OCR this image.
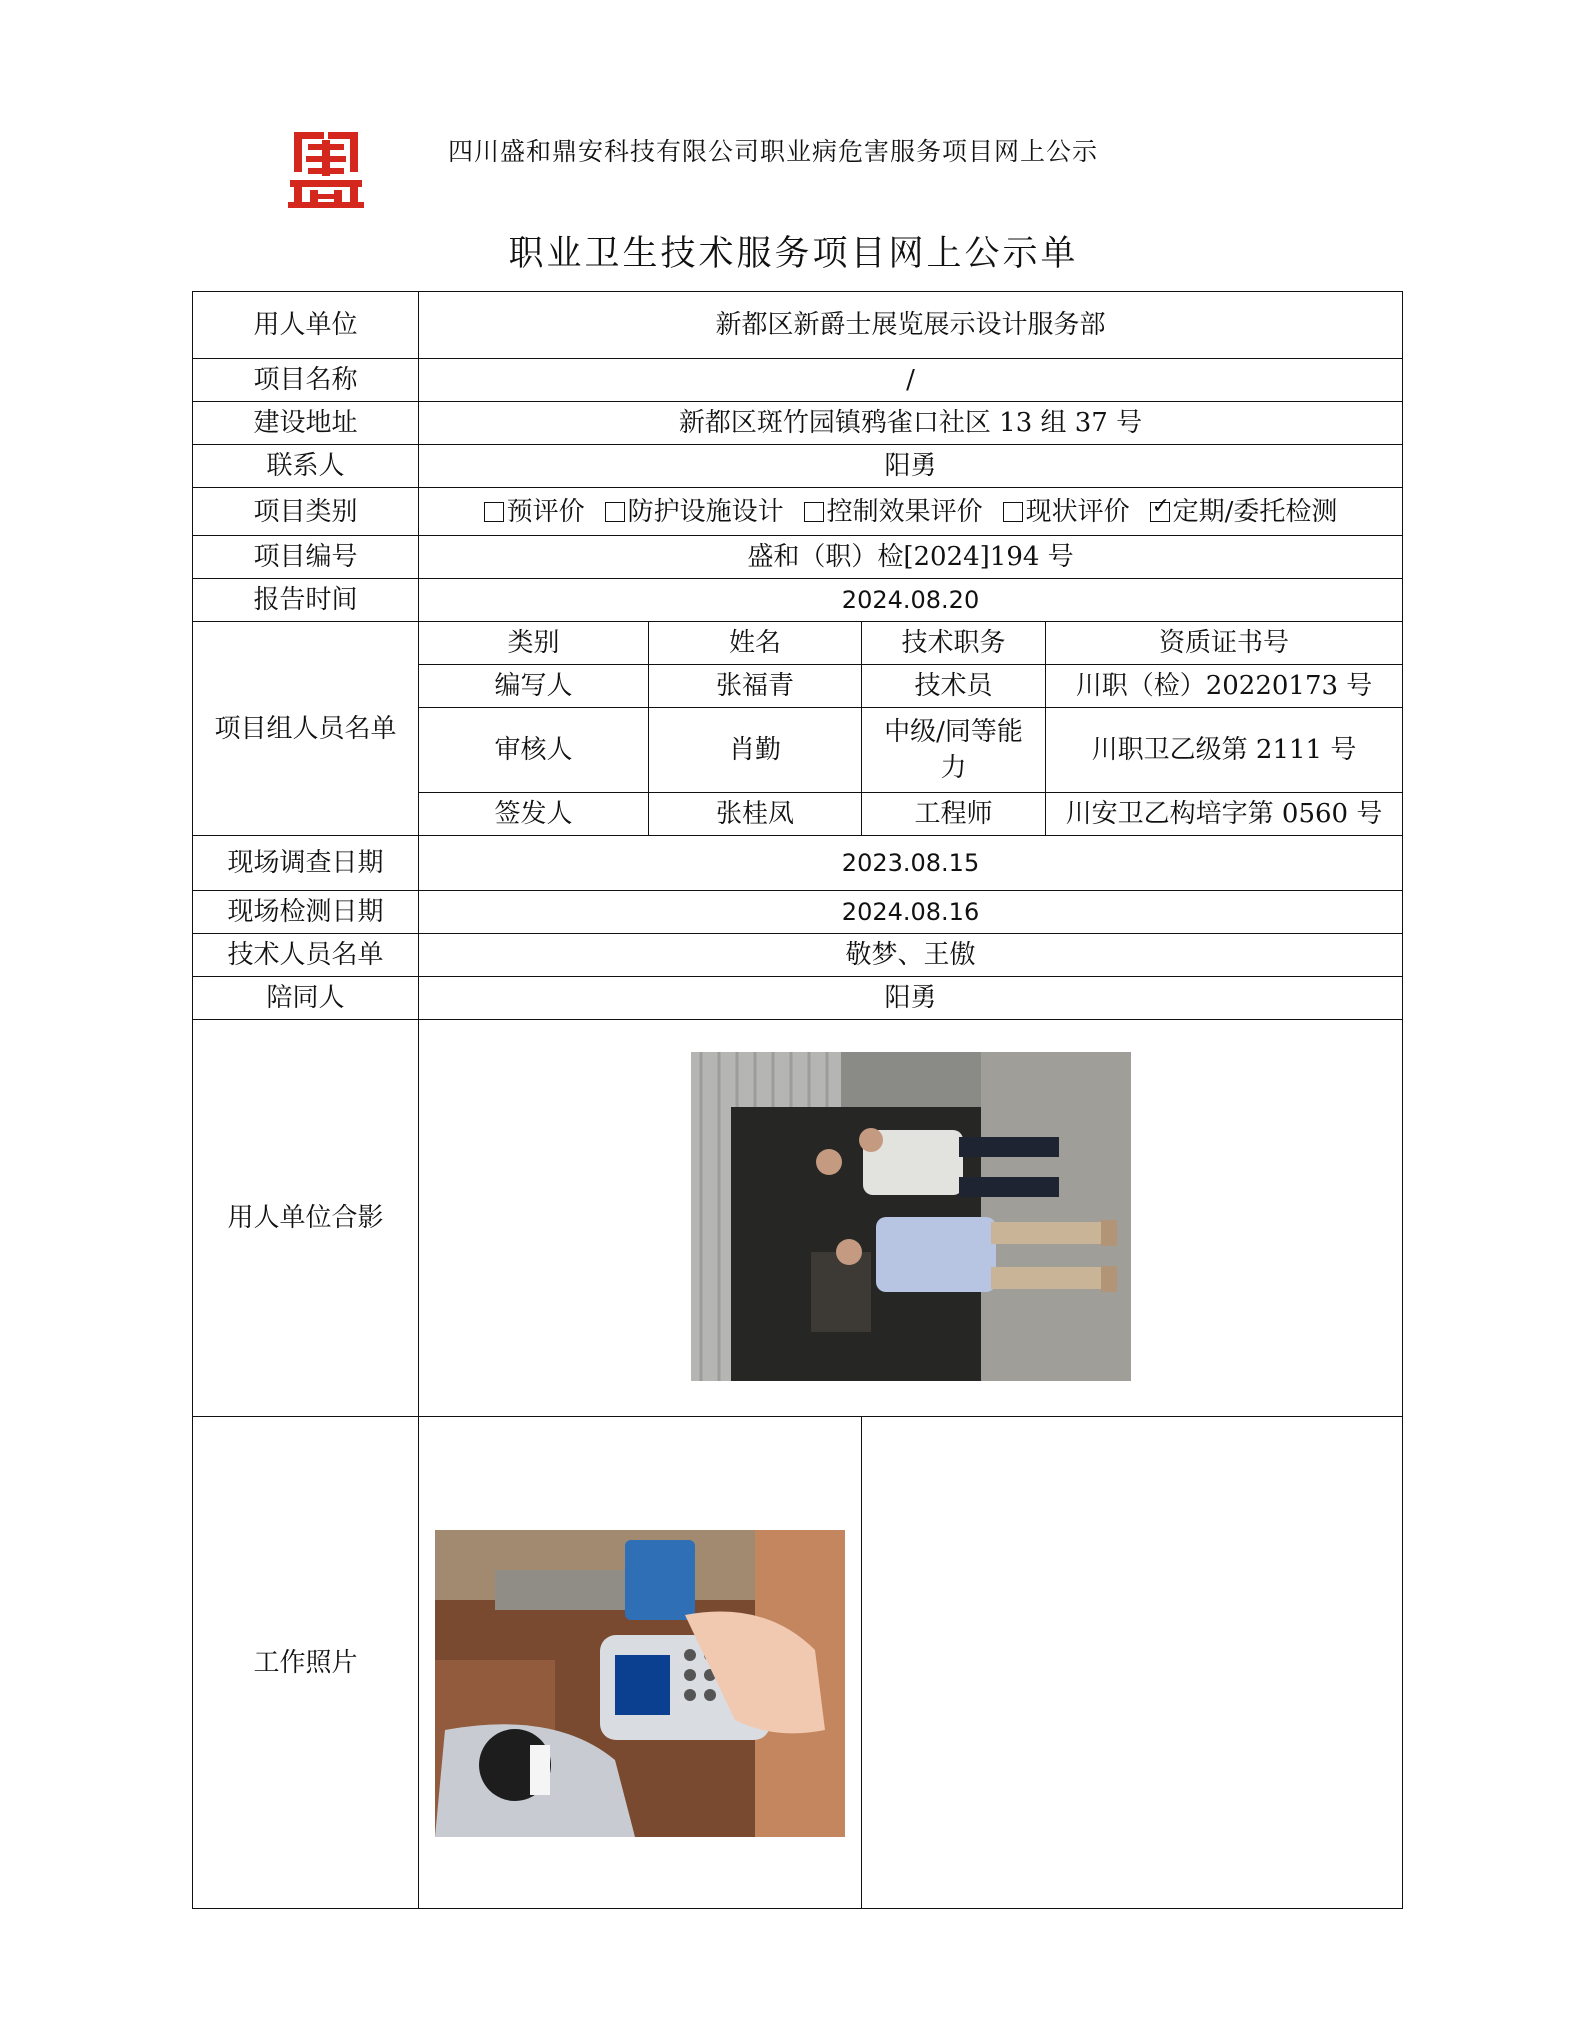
四川盛和鼎安科技有限公司职业病危害服务项目网上公示
职业卫生技术服务项目网上公示单
用人单位	新都区新爵士展览展示设计服务部			
项目名称	/			
建设地址	新都区斑竹园镇鸦雀口社区 13 组 37 号			
联系人	阳勇			
项目类别	预评价 防护设施设计 控制效果评价 现状评价 ✓ 定期/委托检测
项目编号	盛和（职）检[2024]194 号			
报告时间	2024.08.20			
项目组人员名单	类别	姓名	技术职务	资质证书号
	编写人	张福青	技术员	川职（检）20220173 号
	审核人	肖勤	中级/同等能力	川职卫乙级第 2111 号
	签发人	张桂凤	工程师	川安卫乙构培字第 0560 号
现场调查日期	2023.08.15			
现场检测日期	2024.08.16			
技术人员名单	敬梦、王傲			
陪同人	阳勇			
用人单位合影	

工作照片	
